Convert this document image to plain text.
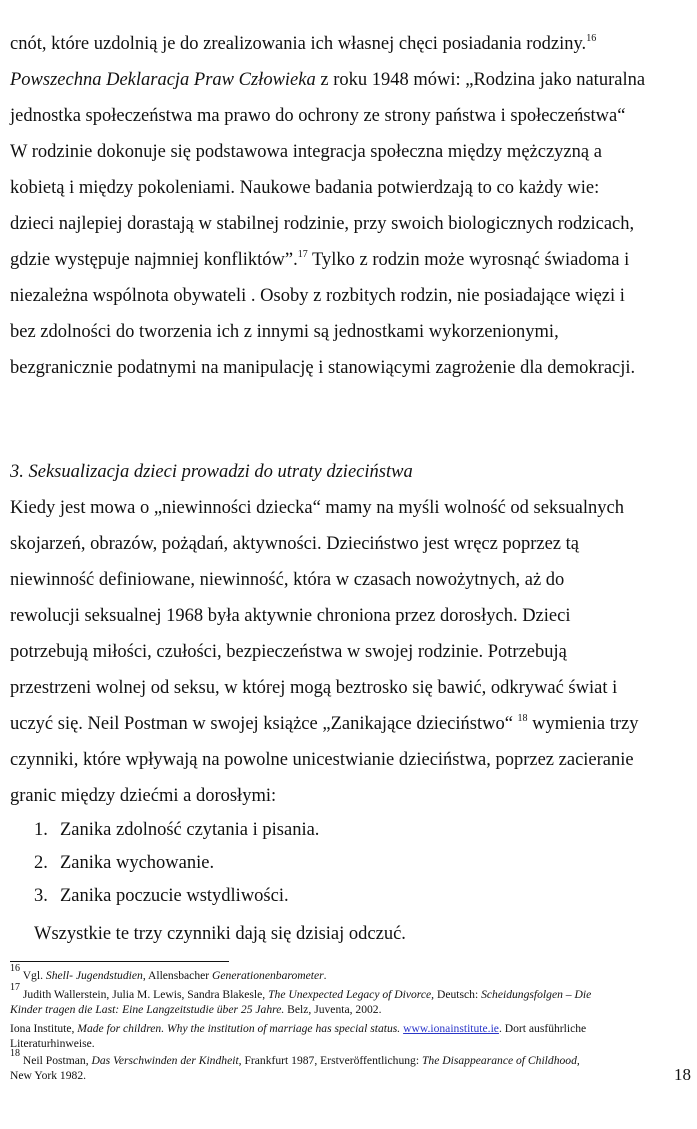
cnót, które uzdolnią je do zrealizowania ich własnej chęci posiadania rodziny.$^{16}$
Powszechna Deklaracja Praw Człowieka z roku 1948 mówi: „Rodzina jako naturalna
jednostka społeczeństwa ma prawo do ochrony ze strony państwa i społeczeństwa“
W rodzinie dokonuje się podstawowa integracja społeczna między mężczyzną a
kobietą i między pokoleniami. Naukowe badania potwierdzają to co każdy wie:
dzieci najlepiej dorastają w stabilnej rodzinie, przy swoich biologicznych rodzicach,
gdzie występuje najmniej konfliktów”.$^{17}$ Tylko z rodzin może wyrosnąć świadoma i
niezależna wspólnota obywateli . Osoby z rozbitych rodzin, nie posiadające więzi i
bez zdolności do tworzenia ich z innymi są jednostkami wykorzenionymi,
bezgranicznie podatnymi na manipulację i stanowiącymi zagrożenie dla demokracji.
3. Seksualizacja dzieci prowadzi do utraty dzieciństwa
Kiedy jest mowa o „niewinności dziecka“ mamy na myśli wolność od seksualnych
skojarzeń, obrazów, pożądań, aktywności. Dzieciństwo jest wręcz poprzez tą
niewinność definiowane, niewinność, która w czasach nowożytnych, aż do
rewolucji seksualnej 1968 była aktywnie chroniona przez dorosłych. Dzieci
potrzebują miłości, czułości, bezpieczeństwa w swojej rodzinie. Potrzebują
przestrzeni wolnej od seksu, w której mogą beztrosko się bawić, odkrywać świat i
uczyć się. Neil Postman w swojej książce „Zanikające dzieciństwo“ $^{18}$ wymienia trzy
czynniki, które wpływają na powolne unicestwianie dzieciństwa, poprzez zacieranie
granic między dziećmi a dorosłymi:
1. Zanika zdolność czytania i pisania.
2. Zanika wychowanie.
3. Zanika poczucie wstydliwości.
Wszystkie te trzy czynniki dają się dzisiaj odczuć.
$^{16}$ Vgl. Shell- Jugendstudien, Allensbacher Generationenbarometer.
$^{17}$ Judith Wallerstein, Julia M. Lewis, Sandra Blakesle, The Unexpected Legacy of Divorce, Deutsch: Scheidungsfolgen – Die
Kinder tragen die Last: Eine Langzeitstudie über 25 Jahre. Belz, Juventa, 2002.
Iona Institute, Made for children. Why the institution of marriage has special status. www.ionainstitute.ie. Dort ausführliche
Literaturhinweise.
$^{18}$ Neil Postman, Das Verschwinden der Kindheit, Frankfurt 1987, Erstveröffentlichung: The Disappearance of Childhood,
New York 1982.	18
